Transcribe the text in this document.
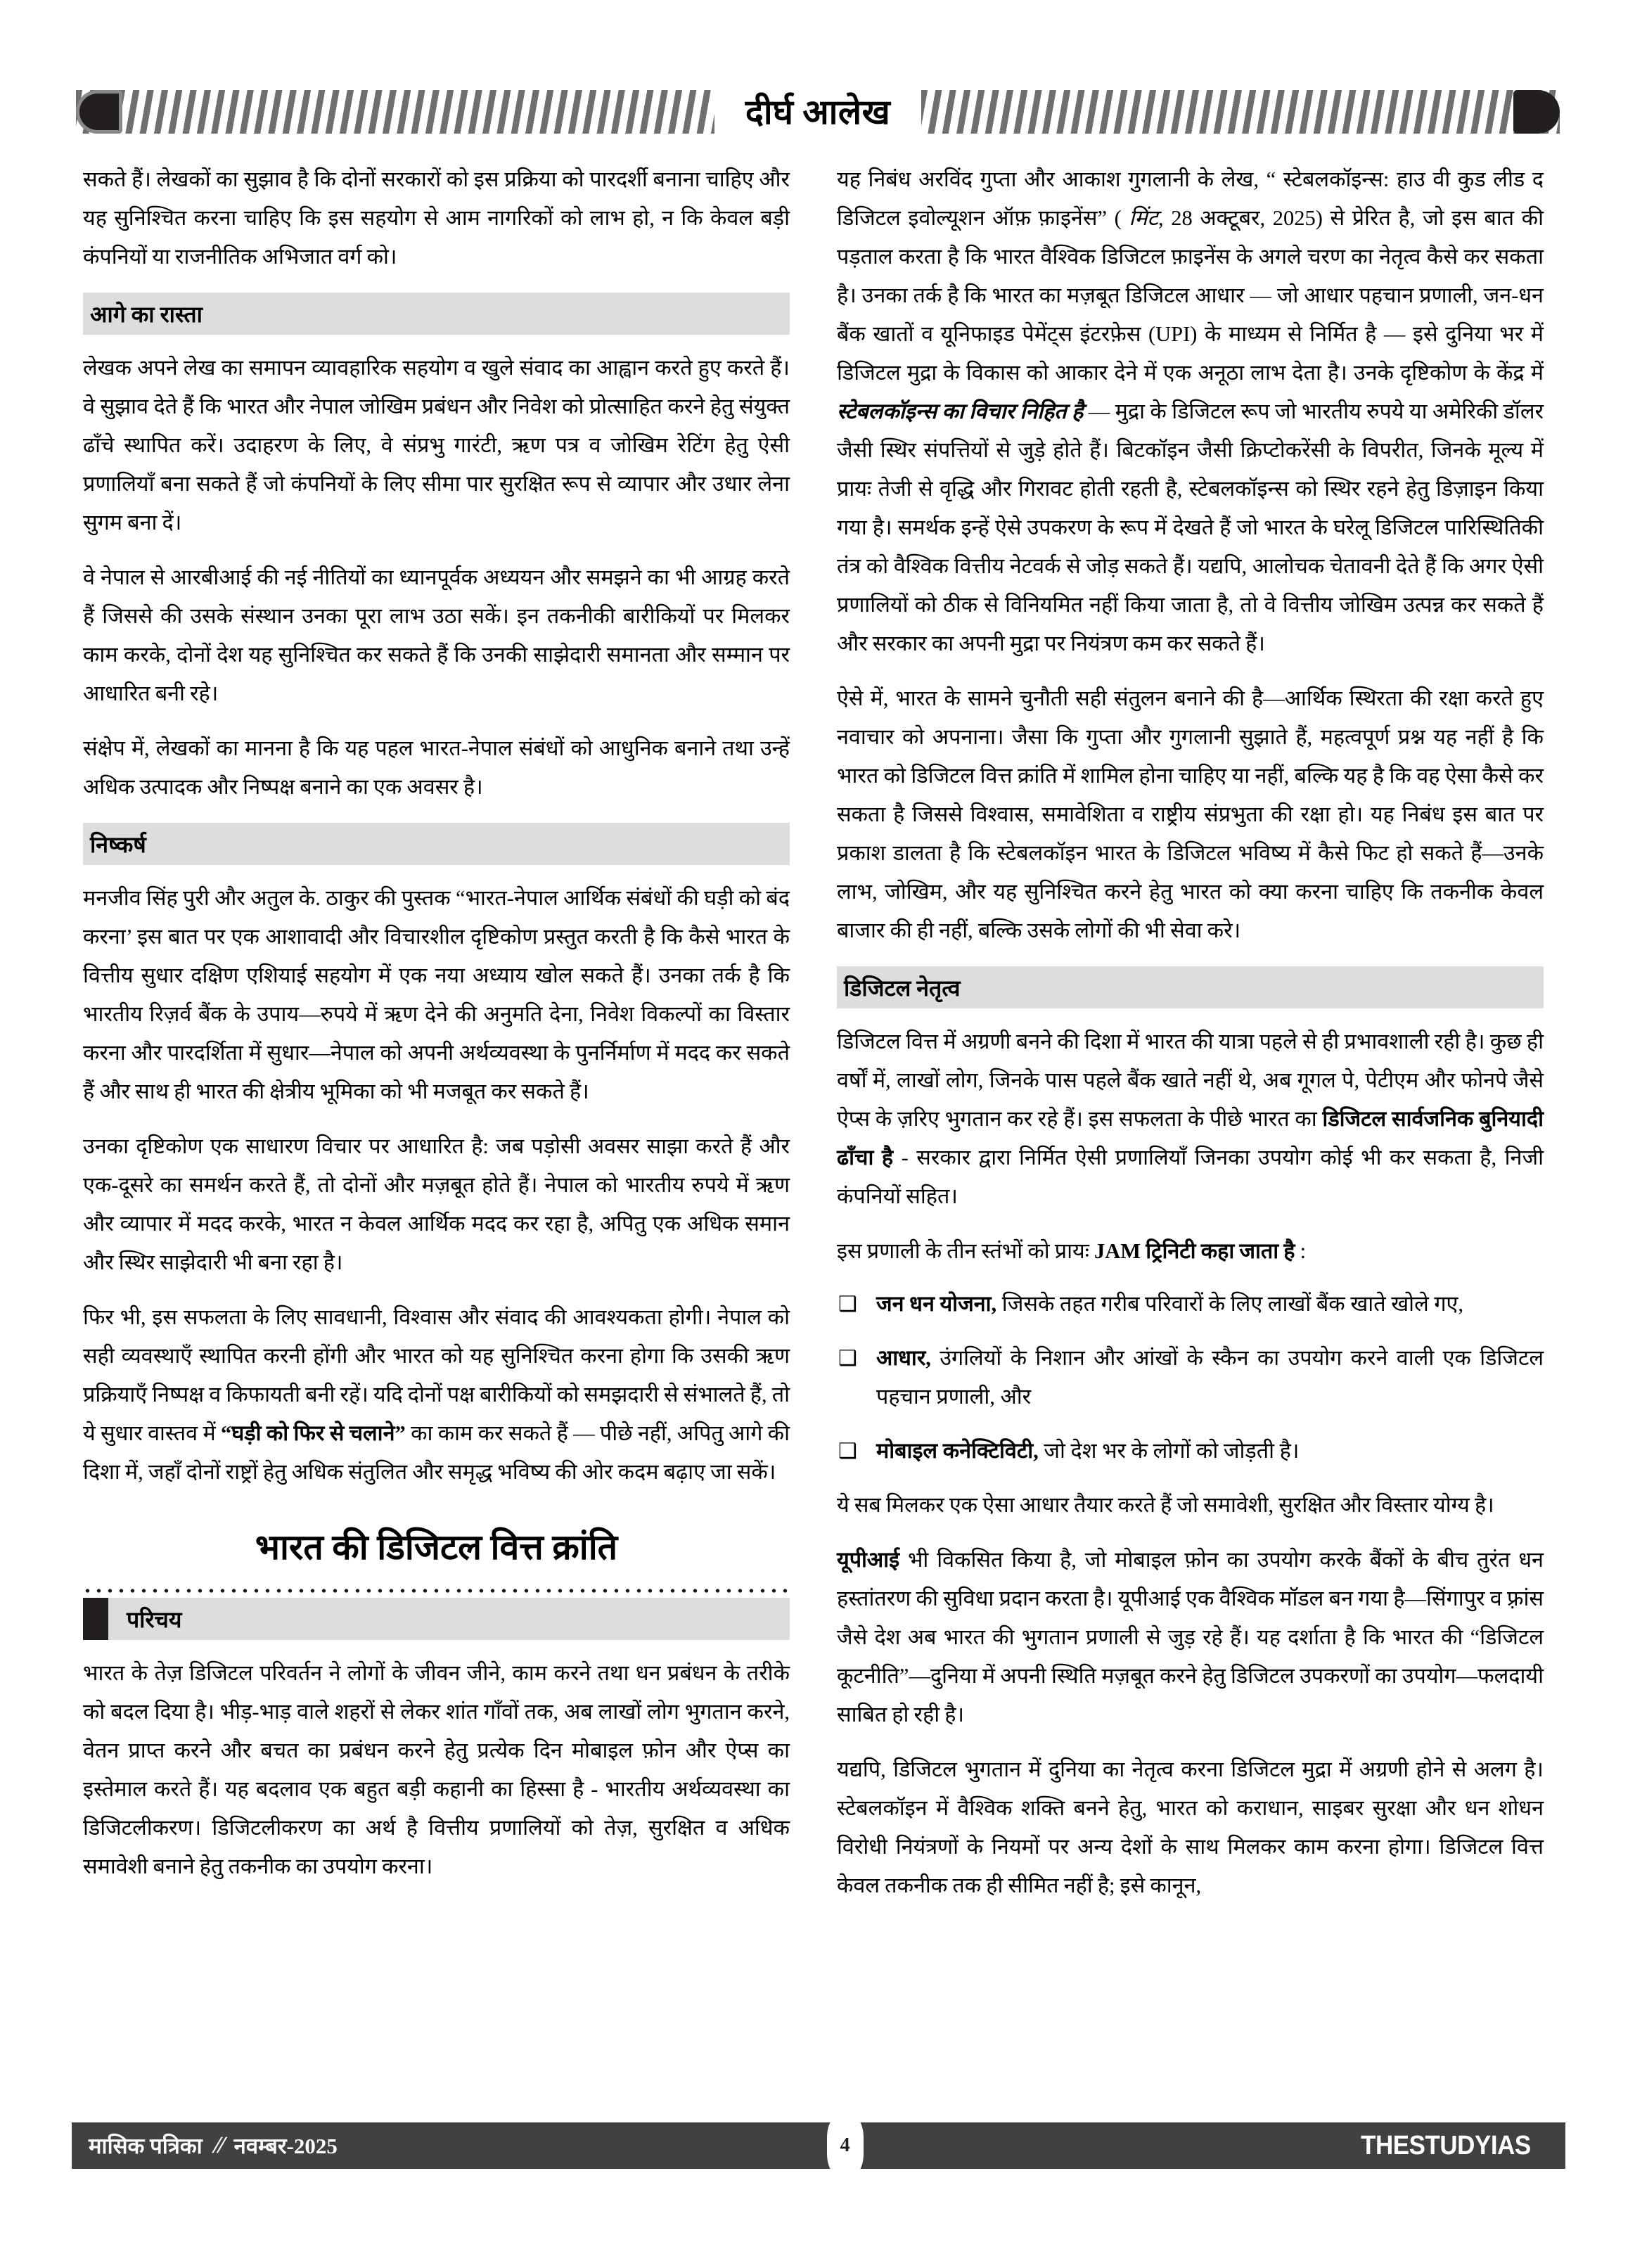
दीर्घ आलेख

सकते हैं। लेखकों का सुझाव है कि दोनों सरकारों को इस प्रक्रिया को पारदर्शी बनाना चाहिए और यह सुनिश्चित करना चाहिए कि इस सहयोग से आम नागरिकों को लाभ हो, न कि केवल बड़ी कंपनियों या राजनीतिक अभिजात वर्ग को।

आगे का रास्ता

लेखक अपने लेख का समापन व्यावहारिक सहयोग व खुले संवाद का आह्वान करते हुए करते हैं। वे सुझाव देते हैं कि भारत और नेपाल जोखिम प्रबंधन और निवेश को प्रोत्साहित करने हेतु संयुक्त ढाँचे स्थापित करें। उदाहरण के लिए, वे संप्रभु गारंटी, ऋण पत्र व जोखिम रेटिंग हेतु ऐसी प्रणालियाँ बना सकते हैं जो कंपनियों के लिए सीमा पार सुरक्षित रूप से व्यापार और उधार लेना सुगम बना दें।

वे नेपाल से आरबीआई की नई नीतियों का ध्यानपूर्वक अध्ययन और समझने का भी आग्रह करते हैं जिससे की उसके संस्थान उनका पूरा लाभ उठा सकें। इन तकनीकी बारीकियों पर मिलकर काम करके, दोनों देश यह सुनिश्चित कर सकते हैं कि उनकी साझेदारी समानता और सम्मान पर आधारित बनी रहे।

संक्षेप में, लेखकों का मानना है कि यह पहल भारत-नेपाल संबंधों को आधुनिक बनाने तथा उन्हें अधिक उत्पादक और निष्पक्ष बनाने का एक अवसर है।

निष्कर्ष

मनजीव सिंह पुरी और अतुल के. ठाकुर की पुस्तक “भारत-नेपाल आर्थिक संबंधों की घड़ी को बंद करना’ इस बात पर एक आशावादी और विचारशील दृष्टिकोण प्रस्तुत करती है कि कैसे भारत के वित्तीय सुधार दक्षिण एशियाई सहयोग में एक नया अध्याय खोल सकते हैं। उनका तर्क है कि भारतीय रिज़र्व बैंक के उपाय—रुपये में ऋण देने की अनुमति देना, निवेश विकल्पों का विस्तार करना और पारदर्शिता में सुधार—नेपाल को अपनी अर्थव्यवस्था के पुनर्निर्माण में मदद कर सकते हैं और साथ ही भारत की क्षेत्रीय भूमिका को भी मजबूत कर सकते हैं।

उनका दृष्टिकोण एक साधारण विचार पर आधारित है: जब पड़ोसी अवसर साझा करते हैं और एक-दूसरे का समर्थन करते हैं, तो दोनों और मज़बूत होते हैं। नेपाल को भारतीय रुपये में ऋण और व्यापार में मदद करके, भारत न केवल आर्थिक मदद कर रहा है, अपितु एक अधिक समान और स्थिर साझेदारी भी बना रहा है।

फिर भी, इस सफलता के लिए सावधानी, विश्वास और संवाद की आवश्यकता होगी। नेपाल को सही व्यवस्थाएँ स्थापित करनी होंगी और भारत को यह सुनिश्चित करना होगा कि उसकी ऋण प्रक्रियाएँ निष्पक्ष व किफायती बनी रहें। यदि दोनों पक्ष बारीकियों को समझदारी से संभालते हैं, तो ये सुधार वास्तव में “घड़ी को फिर से चलाने” का काम कर सकते हैं — पीछे नहीं, अपितु आगे की दिशा में, जहाँ दोनों राष्ट्रों हेतु अधिक संतुलित और समृद्ध भविष्य की ओर कदम बढ़ाए जा सकें।

भारत की डिजिटल वित्त क्रांति
परिचय

भारत के तेज़ डिजिटल परिवर्तन ने लोगों के जीवन जीने, काम करने तथा धन प्रबंधन के तरीके को बदल दिया है। भीड़-भाड़ वाले शहरों से लेकर शांत गाँवों तक, अब लाखों लोग भुगतान करने, वेतन प्राप्त करने और बचत का प्रबंधन करने हेतु प्रत्येक दिन मोबाइल फ़ोन और ऐप्स का इस्तेमाल करते हैं। यह बदलाव एक बहुत बड़ी कहानी का हिस्सा है - भारतीय अर्थव्यवस्था का डिजिटलीकरण। डिजिटलीकरण का अर्थ है वित्तीय प्रणालियों को तेज़, सुरक्षित व अधिक समावेशी बनाने हेतु तकनीक का उपयोग करना।

यह निबंध अरविंद गुप्ता और आकाश गुगलानी के लेख, “ स्टेबलकॉइन्स: हाउ वी कुड लीड द डिजिटल इवोल्यूशन ऑफ़ फ़ाइनेंस” ( मिंट, 28 अक्टूबर, 2025) से प्रेरित है, जो इस बात की पड़ताल करता है कि भारत वैश्विक डिजिटल फ़ाइनेंस के अगले चरण का नेतृत्व कैसे कर सकता है। उनका तर्क है कि भारत का मज़बूत डिजिटल आधार — जो आधार पहचान प्रणाली, जन-धन बैंक खातों व यूनिफाइड पेमेंट्स इंटरफ़ेस (UPI) के माध्यम से निर्मित है — इसे दुनिया भर में डिजिटल मुद्रा के विकास को आकार देने में एक अनूठा लाभ देता है। उनके दृष्टिकोण के केंद्र में स्टेबलकॉइन्स का विचार निहित है — मुद्रा के डिजिटल रूप जो भारतीय रुपये या अमेरिकी डॉलर जैसी स्थिर संपत्तियों से जुड़े होते हैं। बिटकॉइन जैसी क्रिप्टोकरेंसी के विपरीत, जिनके मूल्य में प्रायः तेजी से वृद्धि और गिरावट होती रहती है, स्टेबलकॉइन्स को स्थिर रहने हेतु डिज़ाइन किया गया है। समर्थक इन्हें ऐसे उपकरण के रूप में देखते हैं जो भारत के घरेलू डिजिटल पारिस्थितिकी तंत्र को वैश्विक वित्तीय नेटवर्क से जोड़ सकते हैं। यद्यपि, आलोचक चेतावनी देते हैं कि अगर ऐसी प्रणालियों को ठीक से विनियमित नहीं किया जाता है, तो वे वित्तीय जोखिम उत्पन्न कर सकते हैं और सरकार का अपनी मुद्रा पर नियंत्रण कम कर सकते हैं।

ऐसे में, भारत के सामने चुनौती सही संतुलन बनाने की है—आर्थिक स्थिरता की रक्षा करते हुए नवाचार को अपनाना। जैसा कि गुप्ता और गुगलानी सुझाते हैं, महत्वपूर्ण प्रश्न यह नहीं है कि भारत को डिजिटल वित्त क्रांति में शामिल होना चाहिए या नहीं, बल्कि यह है कि वह ऐसा कैसे कर सकता है जिससे विश्वास, समावेशिता व राष्ट्रीय संप्रभुता की रक्षा हो। यह निबंध इस बात पर प्रकाश डालता है कि स्टेबलकॉइन भारत के डिजिटल भविष्य में कैसे फिट हो सकते हैं—उनके लाभ, जोखिम, और यह सुनिश्चित करने हेतु भारत को क्या करना चाहिए कि तकनीक केवल बाजार की ही नहीं, बल्कि उसके लोगों की भी सेवा करे।

डिजिटल नेतृत्व

डिजिटल वित्त में अग्रणी बनने की दिशा में भारत की यात्रा पहले से ही प्रभावशाली रही है। कुछ ही वर्षों में, लाखों लोग, जिनके पास पहले बैंक खाते नहीं थे, अब गूगल पे, पेटीएम और फोनपे जैसे ऐप्स के ज़रिए भुगतान कर रहे हैं। इस सफलता के पीछे भारत का डिजिटल सार्वजनिक बुनियादी ढाँचा है - सरकार द्वारा निर्मित ऐसी प्रणालियाँ जिनका उपयोग कोई भी कर सकता है, निजी कंपनियों सहित।

इस प्रणाली के तीन स्तंभों को प्रायः JAM ट्रिनिटी कहा जाता है :

❑ जन धन योजना, जिसके तहत गरीब परिवारों के लिए लाखों बैंक खाते खोले गए,
❑ आधार, उंगलियों के निशान और आंखों के स्कैन का उपयोग करने वाली एक डिजिटल पहचान प्रणाली, और
❑ मोबाइल कनेक्टिविटी, जो देश भर के लोगों को जोड़ती है।

ये सब मिलकर एक ऐसा आधार तैयार करते हैं जो समावेशी, सुरक्षित और विस्तार योग्य है।

यूपीआई भी विकसित किया है, जो मोबाइल फ़ोन का उपयोग करके बैंकों के बीच तुरंत धन हस्तांतरण की सुविधा प्रदान करता है। यूपीआई एक वैश्विक मॉडल बन गया है—सिंगापुर व फ़्रांस जैसे देश अब भारत की भुगतान प्रणाली से जुड़ रहे हैं। यह दर्शाता है कि भारत की “डिजिटल कूटनीति”—दुनिया में अपनी स्थिति मज़बूत करने हेतु डिजिटल उपकरणों का उपयोग—फलदायी साबित हो रही है।

यद्यपि, डिजिटल भुगतान में दुनिया का नेतृत्व करना डिजिटल मुद्रा में अग्रणी होने से अलग है। स्टेबलकॉइन में वैश्विक शक्ति बनने हेतु, भारत को कराधान, साइबर सुरक्षा और धन शोधन विरोधी नियंत्रणों के नियमों पर अन्य देशों के साथ मिलकर काम करना होगा। डिजिटल वित्त केवल तकनीक तक ही सीमित नहीं है; इसे कानून,

मासिक पत्रिका // नवम्बर-2025	4	THESTUDYIAS
